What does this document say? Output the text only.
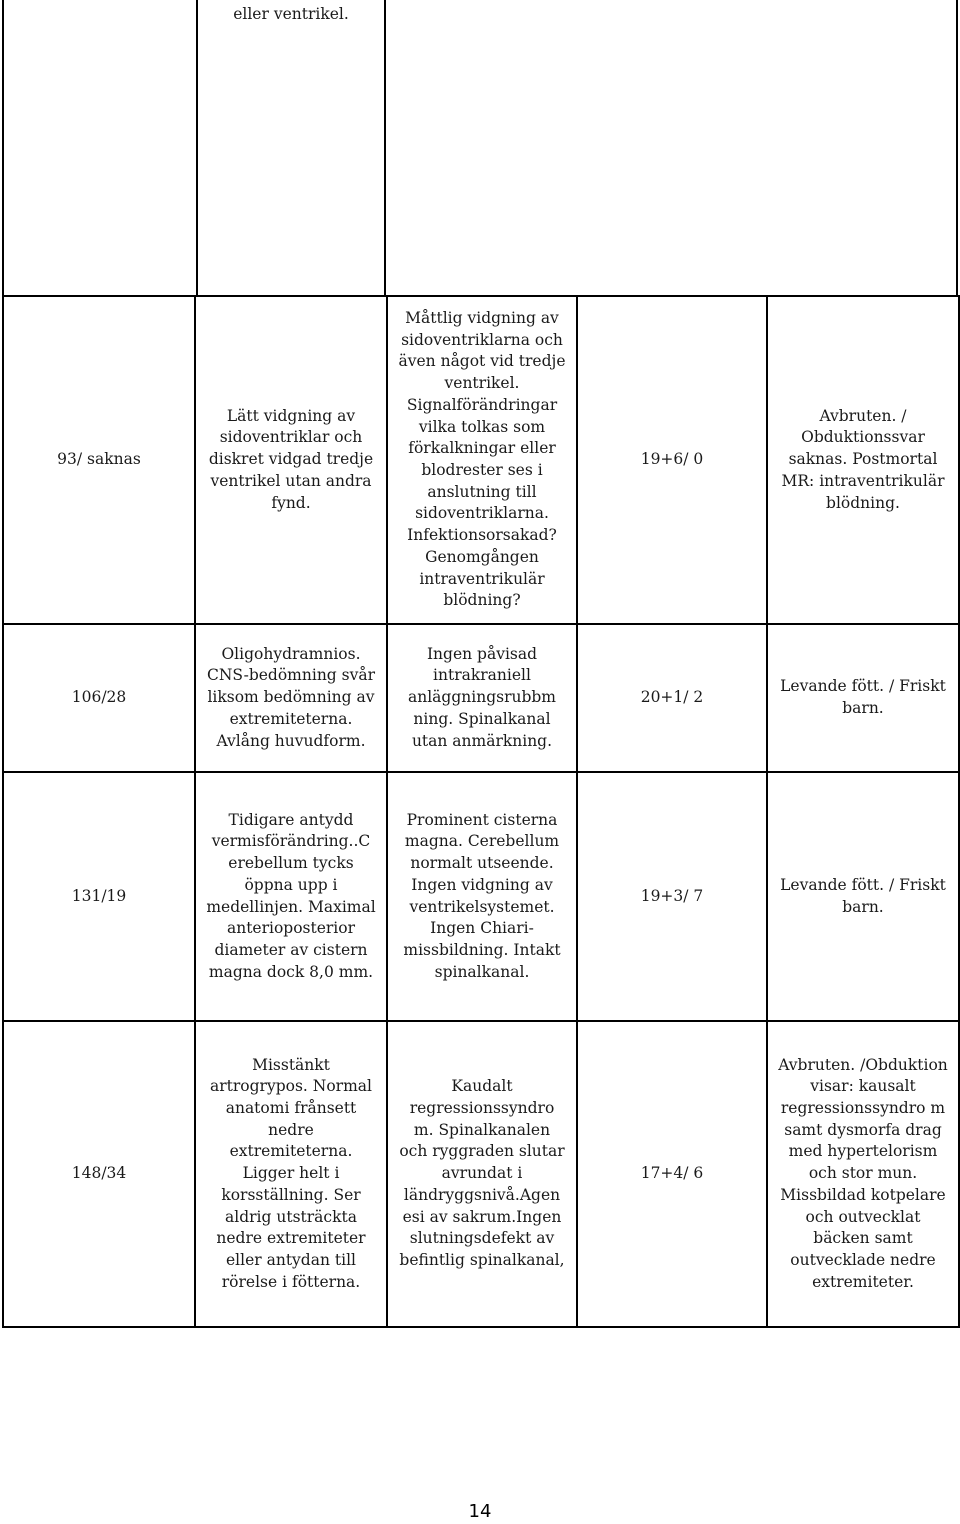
eller ventrikel.
93/ saknas	Lätt vidgning av sidoventriklar och diskret vidgad tredje ventrikel utan andra fynd.	Måttlig vidgning av sidoventriklarna och även något vid tredje ventrikel. Signalförändringar vilka tolkas som förkalkningar eller blodrester ses i anslutning till sidoventriklarna. Infektionsorsakad? Genomgången intraventrikulär blödning?	19+6/ 0	Avbruten. / Obduktionssvar saknas. Postmortal MR: intraventrikulär blödning.
106/28	Oligohydramnios. CNS-bedömning svår liksom bedömning av extremiteterna. Avlång huvudform.	Ingen påvisad intrakraniell anläggningsrubbm ning. Spinalkanal utan anmärkning.	20+1/ 2	Levande fött. / Friskt barn.
131/19	Tidigare antydd vermisförändring..C erebellum tycks öppna upp i medellinjen. Maximal anterioposterior diameter av cistern magna dock 8,0 mm.	Prominent cisterna magna. Cerebellum normalt utseende. Ingen vidgning av ventrikelsystemet. Ingen Chiari-missbildning. Intakt spinalkanal.	19+3/ 7	Levande fött. / Friskt barn.
148/34	Misstänkt artrogrypos. Normal anatomi frånsett nedre extremiteterna. Ligger helt i korsställning. Ser aldrig utsträckta nedre extremiteter eller antydan till rörelse i fötterna.	Kaudalt regressionssyndro m. Spinalkanalen och ryggraden slutar avrundat i ländryggsnivå.Agen esi av sakrum.Ingen slutningsdefekt av befintlig spinalkanal,	17+4/ 6	Avbruten. /Obduktion visar: kausalt regressionssyndro m samt dysmorfa drag med hypertelorism och stor mun. Missbildad kotpelare och outvecklat bäcken samt outvecklade nedre extremiteter.
14
